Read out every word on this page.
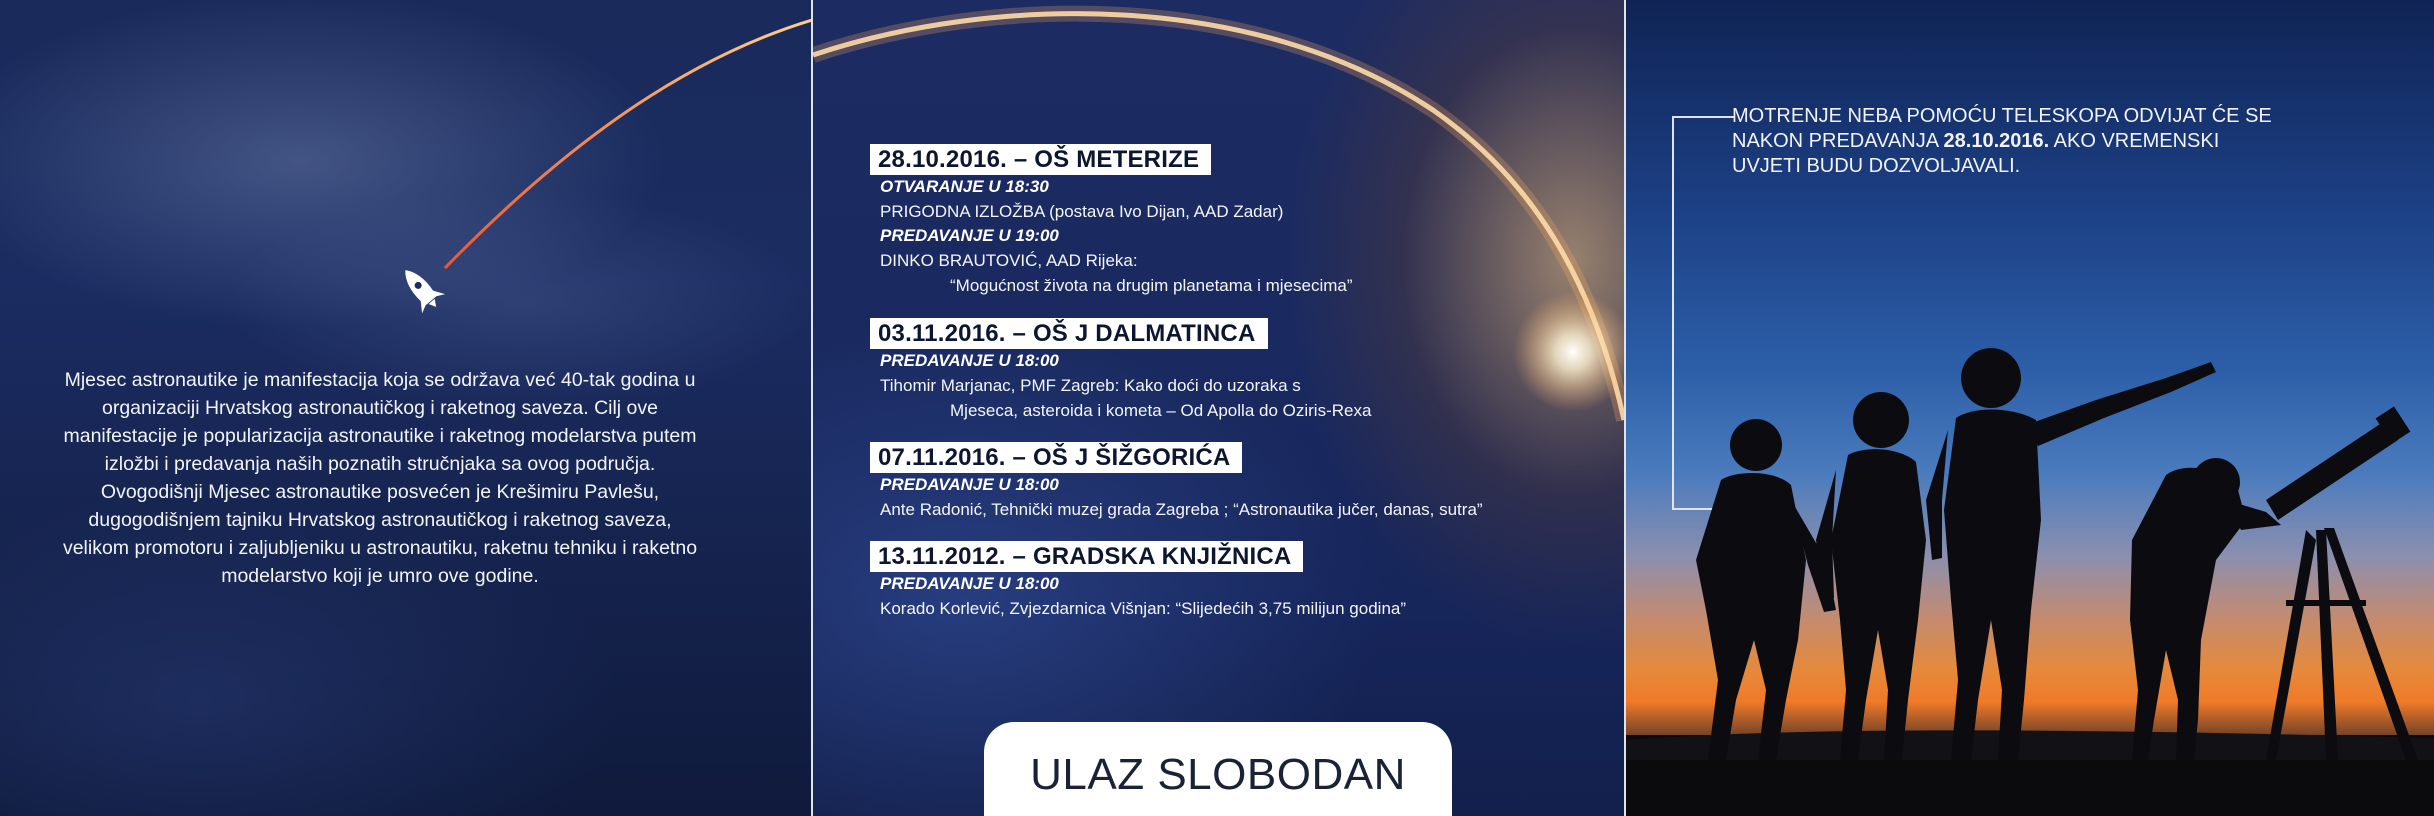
Mjesec astronautike je manifestacija koja se održava već 40-tak godina u organizaciji Hrvatskog astronautičkog i raketnog saveza. Cilj ove manifestacije je popularizacija astronautike i raketnog modelarstva putem izložbi i predavanja naših poznatih stručnjaka sa ovog područja. Ovogodišnji Mjesec astronautike posvećen je Krešimiru Pavlešu, dugogodišnjem tajniku Hrvatskog astronautičkog i raketnog saveza, velikom promotoru i zaljubljeniku u astronautiku, raketnu tehniku i raketno modelarstvo koji je umro ove godine.
28.10.2016. – OŠ METERIZE
OTVARANJE U 18:30
PRIGODNA IZLOŽBA (postava Ivo Dijan, AAD Zadar)
PREDAVANJE U 19:00
DINKO BRAUTOVIĆ, AAD Rijeka:
“Mogućnost života na drugim planetama i mjesecima”
03.11.2016. – OŠ J DALMATINCA
PREDAVANJE U 18:00
Tihomir Marjanac, PMF Zagreb: Kako doći do uzoraka s
Mjeseca, asteroida i kometa – Od Apolla do Oziris-Rexa
07.11.2016. – OŠ J ŠIŽGORIĆA
PREDAVANJE U 18:00
Ante Radonić, Tehnički muzej grada Zagreba ; “Astronautika jučer, danas, sutra”
13.11.2012. – GRADSKA KNJIŽNICA
PREDAVANJE U 18:00
Korado Korlević, Zvjezdarnica Višnjan: “Slijedećih 3,75 milijun godina”
ULAZ SLOBODAN
MOTRENJE NEBA POMOĆU TELESKOPA ODVIJAT ĆE SE NAKON PREDAVANJA 28.10.2016. AKO VREMENSKI UVJETI BUDU DOZVOLJAVALI.
